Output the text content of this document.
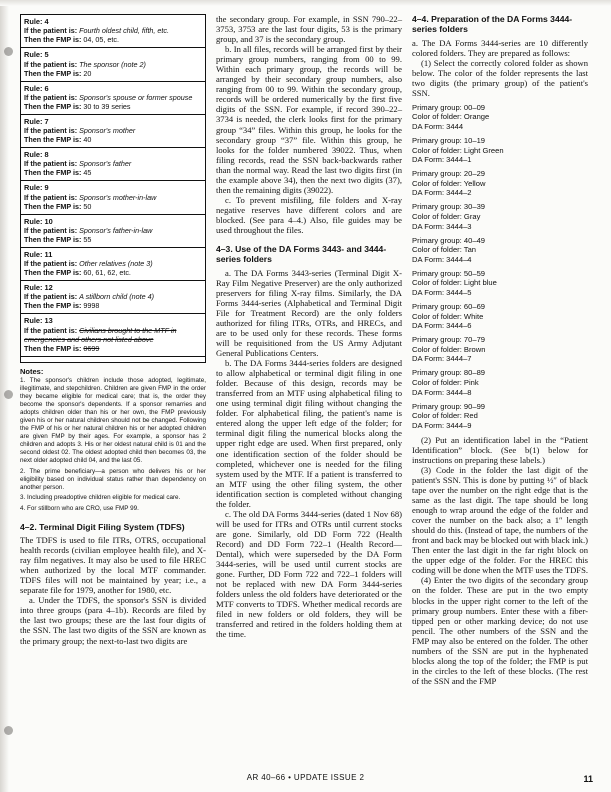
Rule: 4
If the patient is: Fourth oldest child, fifth, etc.
Then the FMP is: 04, 05, etc.
Rule: 5
If the patient is: The sponsor (note 2)
Then the FMP is: 20
Rule: 6
If the patient is: Sponsor's spouse or former spouse
Then the FMP is: 30 to 39 series
Rule: 7
If the patient is: Sponsor's mother
Then the FMP is: 40
Rule: 8
If the patient is: Sponsor's father
Then the FMP is: 45
Rule: 9
If the patient is: Sponsor's mother-in-law
Then the FMP is: 50
Rule: 10
If the patient is: Sponsor's father-in-law
Then the FMP is: 55
Rule: 11
If the patient is: Other relatives (note 3)
Then the FMP is: 60, 61, 62, etc.
Rule: 12
If the patient is: A stillborn child (note 4)
Then the FMP is: 9998
Rule: 13
If the patient is: Civilians brought to the MTF in emergencies and others not listed above
Then the FMP is: 0699
Notes:

1. The sponsor's children include those adopted, legitimate, illegitimate, and stepchildren. Children are given FMP in the order they became eligible for medical care; that is, the order they become the sponsor's dependents. If a sponsor remarries and adopts children older than his or her own, the FMP previously given his or her natural children should not be changed. Following the FMP of his or her natural children his or her adopted children are given FMP by their ages. For example, a sponsor has 2 children and adopts 3. His or her oldest natural child is 01 and the second oldest 02. The oldest adopted child then becomes 03, the next older adopted child 04, and the last 05.

2. The prime beneficiary—a person who delivers his or her eligibility based on individual status rather than dependency on another person.

3. Including preadoptive children eligible for medical care.

4. For stillborn who are CRO, use FMP 99.

4–2. Terminal Digit Filing System (TDFS)

The TDFS is used to file ITRs, OTRS, occupational health records (civilian employee health file), and X-ray film negatives. It may also be used to file HREC when authorized by the local MTF commander. TDFS files will not be maintained by year; i.e., a separate file for 1979, another for 1980, etc.

a. Under the TDFS, the sponsor's SSN is divided into three groups (para 4–1b). Records are filed by the last two groups; these are the last four digits of the SSN. The last two digits of the SSN are known as the primary group; the next-to-last two digits are

the secondary group. For example, in SSN 790–22–3753, 3753 are the last four digits, 53 is the primary group, and 37 is the secondary group.

b. In all files, records will be arranged first by their primary group numbers, ranging from 00 to 99. Within each primary group, the records will be arranged by their secondary group numbers, also ranging from 00 to 99. Within the secondary group, records will be ordered numerically by the first five digits of the SSN. For example, if record 390–22–3734 is needed, the clerk looks first for the primary group “34” files. Within this group, he looks for the secondary group “37” file. Within this group, he looks for the folder numbered 39022. Thus, when filing records, read the SSN back-backwards rather than the normal way. Read the last two digits first (in the example above 34), then the next two digits (37), then the remaining digits (39022).

c. To prevent misfiling, file folders and X-ray negative reserves have different colors and are blocked. (See para 4–4.) Also, file guides may be used throughout the files.

4–3. Use of the DA Forms 3443- and 3444-series folders

a. The DA Forms 3443-series (Terminal Digit X-Ray Film Negative Preserver) are the only authorized preservers for filing X-ray films. Similarly, the DA Forms 3444-series (Alphabetical and Terminal Digit File for Treatment Record) are the only folders authorized for filing ITRs, OTRs, and HRECs, and are to be used only for these records. These forms will be requisitioned from the US Army Adjutant General Publications Centers.

b. The DA Forms 3444-series folders are designed to allow alphabetical or terminal digit filing in one folder. Because of this design, records may be transferred from an MTF using alphabetical filing to one using terminal digit filing without changing the folder. For alphabetical filing, the patient's name is entered along the upper left edge of the folder; for terminal digit filing the numerical blocks along the upper right edge are used. When first prepared, only one identification section of the folder should be completed, whichever one is needed for the filing system used by the MTF. If a patient is transferred to an MTF using the other filing system, the other identification section is completed without changing the folder.

c. The old DA Forms 3444-series (dated 1 Nov 68) will be used for ITRs and OTRs until current stocks are gone. Similarly, old DD Form 722 (Health Record) and DD Form 722–1 (Health Record—Dental), which were superseded by the DA Form 3444-series, will be used until current stocks are gone. Further, DD Form 722 and 722–1 folders will not be replaced with new DA Form 3444-series folders unless the old folders have deteriorated or the MTF converts to TDFS. Whether medical records are filed in new folders or old folders, they will be transferred and retired in the folders holding them at the time.

4–4. Preparation of the DA Forms 3444-series folders

a. The DA Forms 3444-series are 10 differently colored folders. They are prepared as follows:

(1) Select the correctly colored folder as shown below. The color of the folder represents the last two digits (the primary group) of the patient's SSN.

Primary group: 00–09
Color of folder: Orange
DA Form: 3444
Primary group: 10–19
Color of folder: Light Green
DA Form: 3444–1
Primary group: 20–29
Color of folder: Yellow
DA Form: 3444–2
Primary group: 30–39
Color of folder: Gray
DA Form: 3444–3
Primary group: 40–49
Color of folder: Tan
DA Form: 3444–4
Primary group: 50–59
Color of folder: Light blue
DA Form: 3444–5
Primary group: 60–69
Color of folder: White
DA Form: 3444–6
Primary group: 70–79
Color of folder: Brown
DA Form: 3444–7
Primary group: 80–89
Color of folder: Pink
DA Form: 3444–8
Primary group: 90–99
Color of folder: Red
DA Form: 3444–9

(2) Put an identification label in the “Patient Identification” block. (See b(1) below for instructions on preparing these labels.)

(3) Code in the folder the last digit of the patient's SSN. This is done by putting ½″ of black tape over the number on the right edge that is the same as the last digit. The tape should be long enough to wrap around the edge of the folder and cover the number on the back also; a 1″ length should do this. (Instead of tape, the numbers of the front and back may be blocked out with black ink.) Then enter the last digit in the far right block on the upper edge of the folder. For the HREC this coding will be done when the MTF uses the TDFS.

(4) Enter the two digits of the secondary group on the folder. These are put in the two empty blocks in the upper right corner to the left of the primary group numbers. Enter these with a fiber-tipped pen or other marking device; do not use pencil. The other numbers of the SSN and the FMP may also be entered on the folder. The other numbers of the SSN are put in the hyphenated blocks along the top of the folder; the FMP is put in the circles to the left of these blocks. (The rest of the SSN and the FMP

AR 40–66 • UPDATE ISSUE 2	11
